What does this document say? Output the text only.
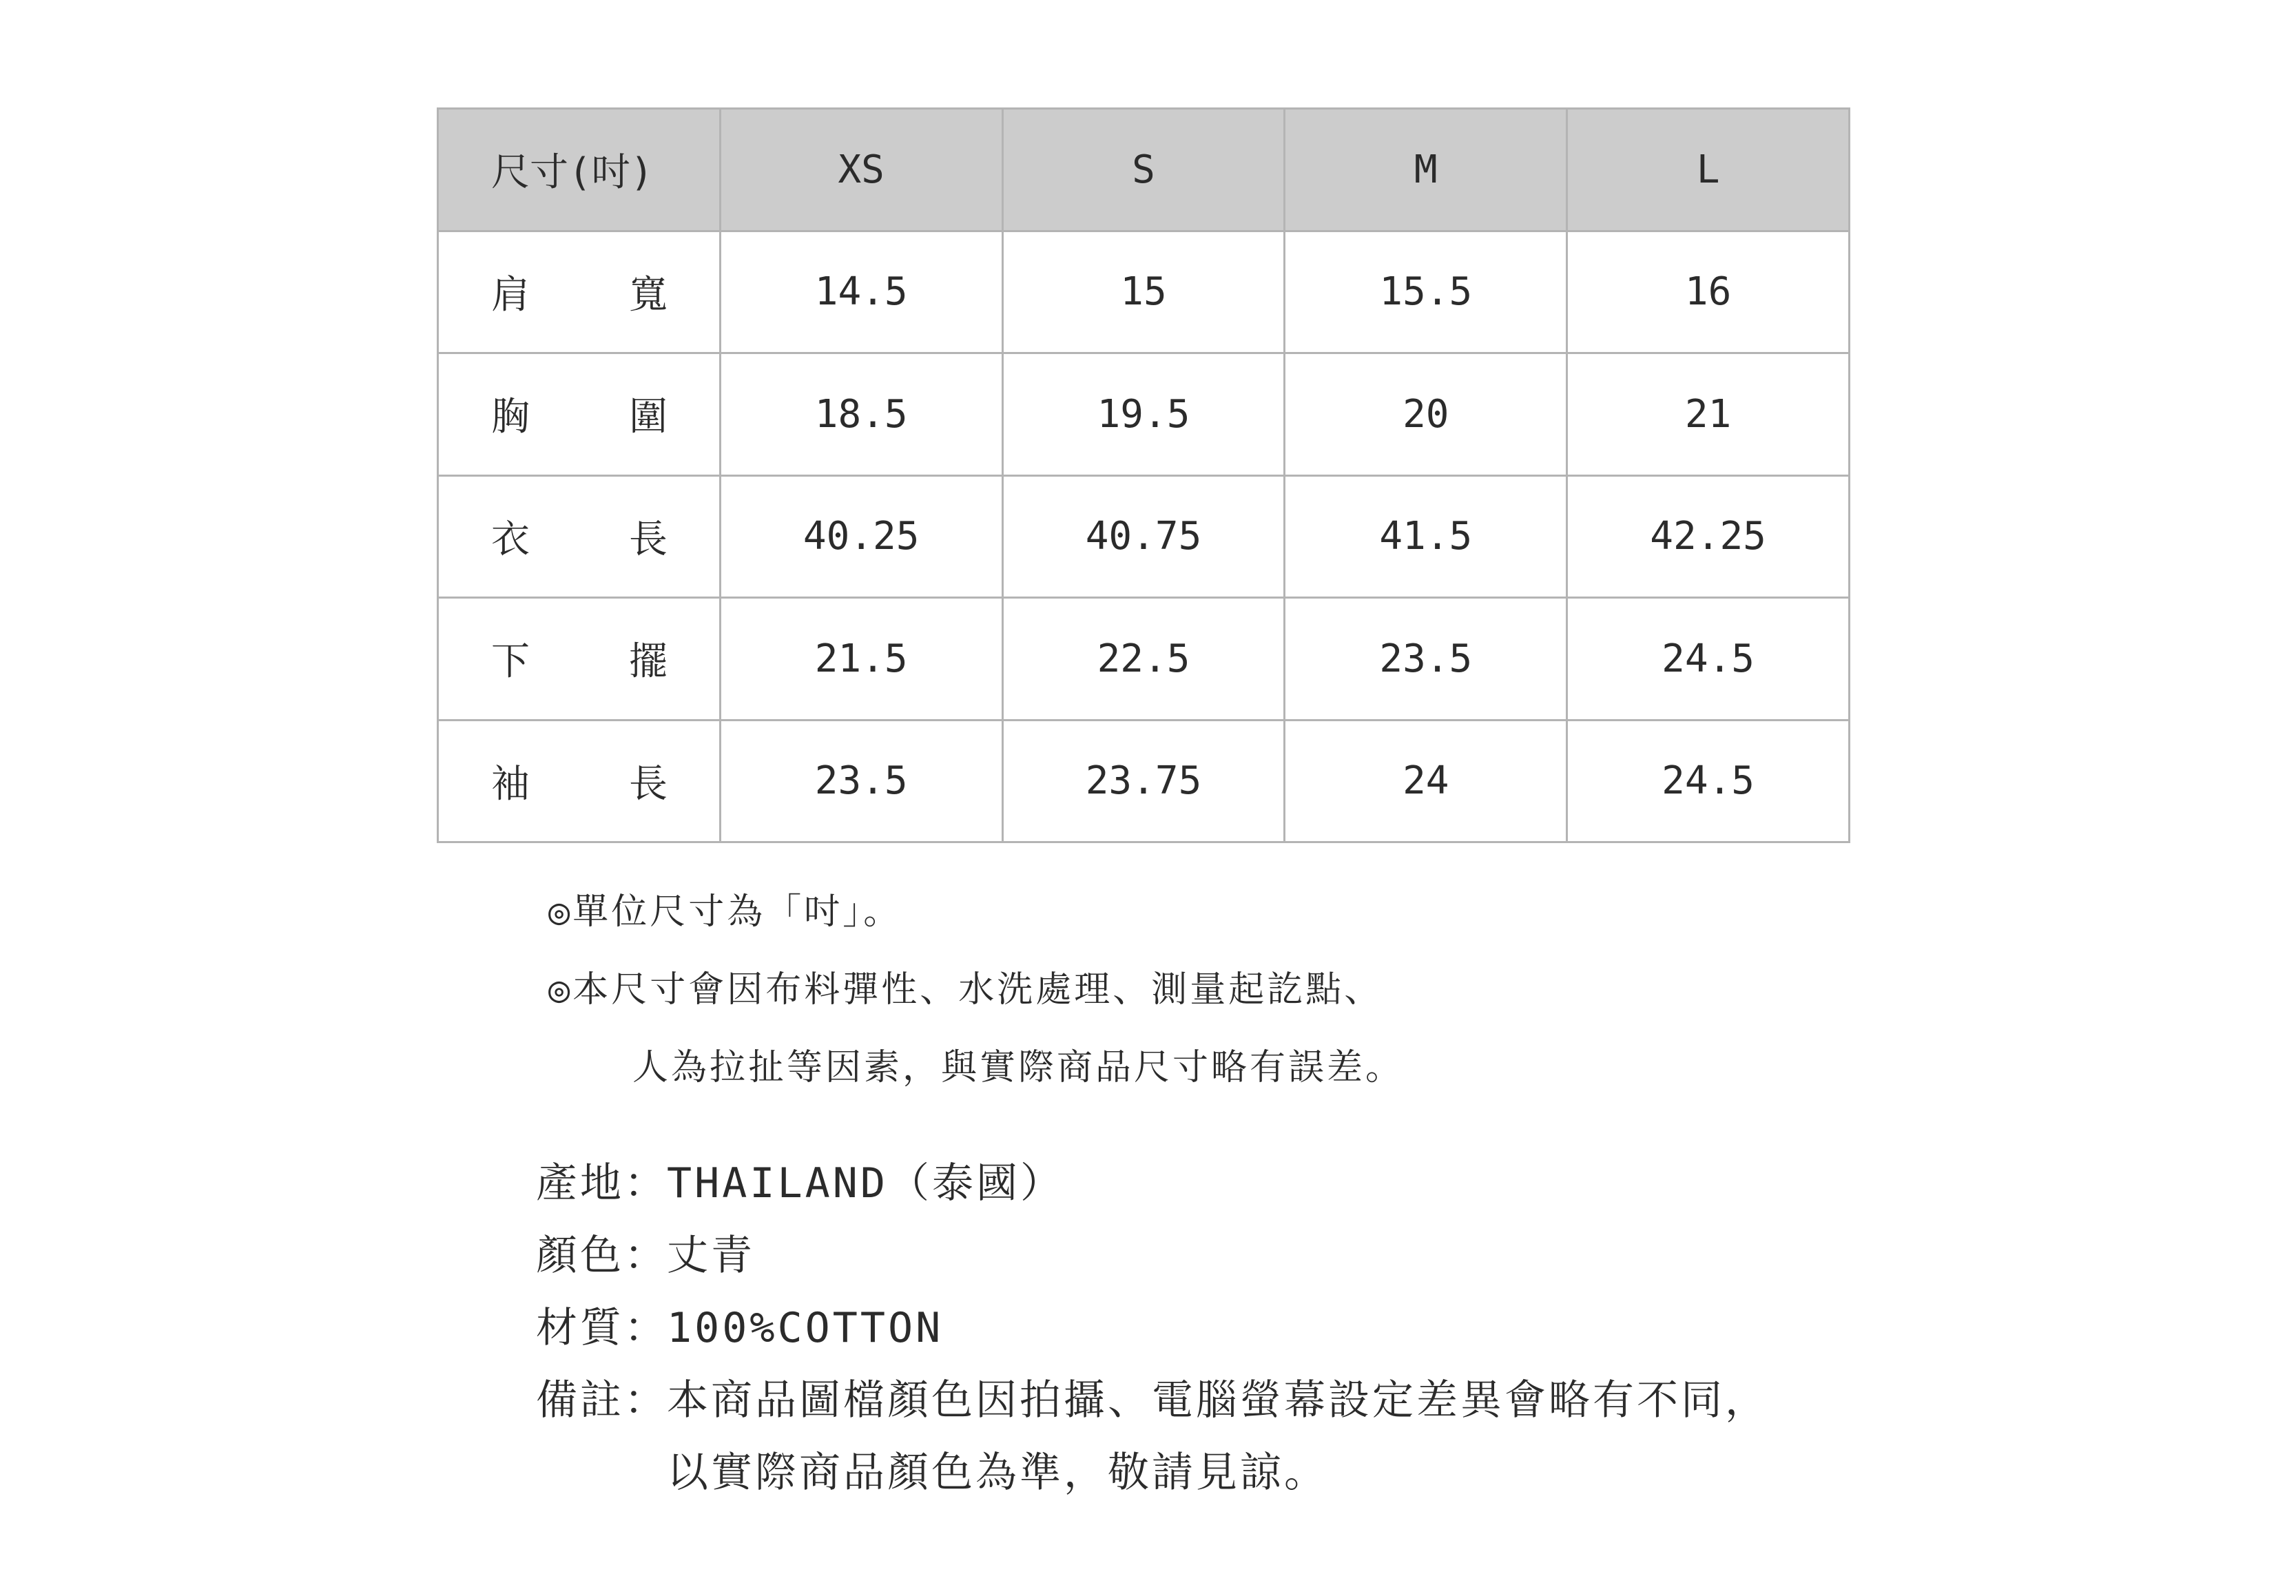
尺寸(吋)	XS	S	M	L
肩 寬	14.5	15	15.5	16
胸 圍	18.5	19.5	20	21
衣 長	40.25	40.75	41.5	42.25
下 擺	21.5	22.5	23.5	24.5
袖 長	23.5	23.75	24	24.5
◎單位尺寸為「吋」。
◎本尺寸會因布料彈性、水洗處理、測量起訖點、
人為拉扯等因素，與實際商品尺寸略有誤差。
產地：
THAILAND（泰國）
顏色：
丈青
材質：
100%COTTON
備註：
本商品圖檔顏色因拍攝、電腦螢幕設定差異會略有不同，
以實際商品顏色為準，敬請見諒。
